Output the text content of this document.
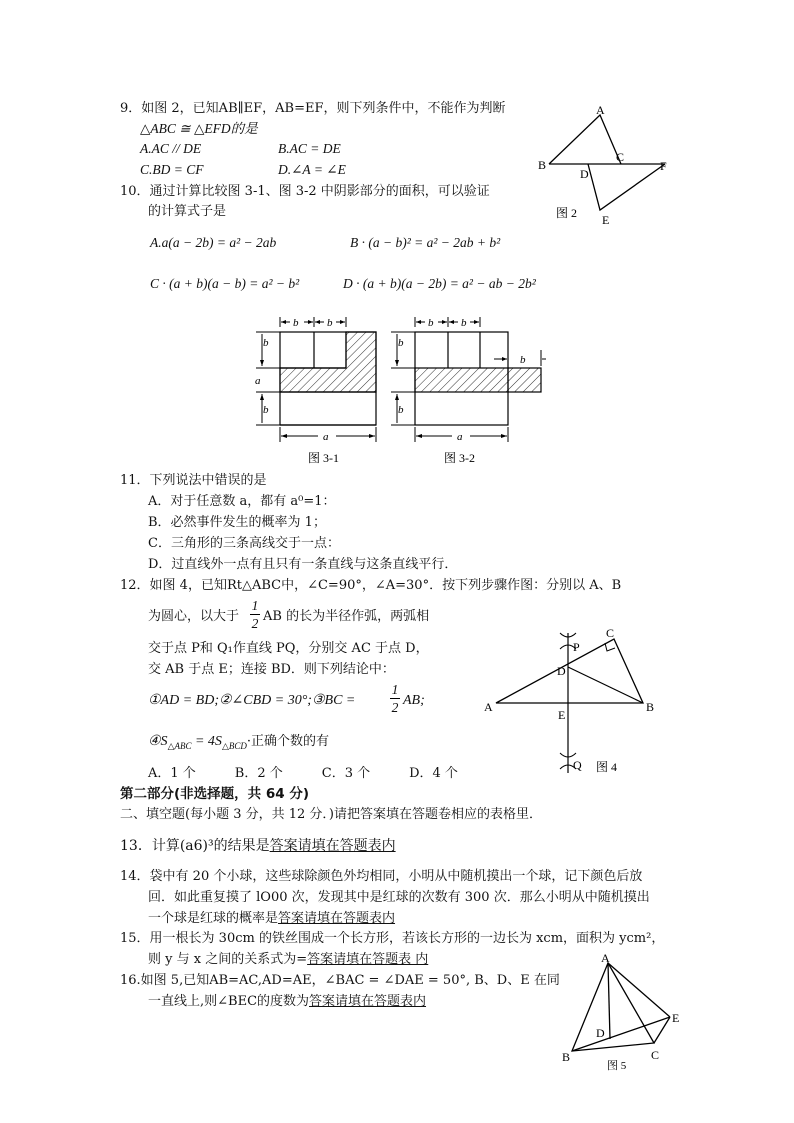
9．如图 2，已知AB∥EF，AB=EF，则下列条件中，不能作为判断
△ABC ≅ △EFD的是
A.AC // DE	B.AC = DE
C.BD = CF	D.∠A = ∠E
A
B
C
D
E
F
图 2
10．通过计算比较图 3-1、图 3-2 中阴影部分的面积，可以验证
的计算式子是
A.a(a − 2b) = a² − 2ab	B · (a − b)² = a² − 2ab + b²
C · (a + b)(a − b) = a² − b²	D · (a + b)(a − 2b) = a² − ab − 2b²
b	b
b
a
b
a
图 3-1
b	b
b
b
b
a
图 3-2
11．下列说法中错误的是
A．对于任意数 a，都有 a⁰=1：
B．必然事件发生的概率为 1；
C．三角形的三条高线交于一点：
D．过直线外一点有且只有一条直线与这条直线平行．
12．如图 4，已知Rt△ABC中，∠C=90°，∠A=30°．按下列步骤作图：分别以 A、B
为圆心，以大于
1
2 AB 的长为半径作弧，两弧相
交于点 P和 Q₁作直线 PQ，分别交 AC 于点 D，
交 AB 于点 E；连接 BD．则下列结论中：
①AD = BD;②∠CBD = 30°;③BC =
1
2 AB;
$④S_{\triangle ABC} = 4S_{\triangle BCD}\cdot$正确个数的有
A．1 个　　　B．2 个　　　C．3 个　　　D．4 个
C
P
D
A
E
B
Q 图 4
第二部分(非选择题，共 64 分)
二、填空题(每小题 3 分，共 12 分．)请把答案填在答题卷相应的表格里．
13．计算(a6)³的结果是答案请填在答题表内
14．袋中有 20 个小球，这些球除颜色外均相同，小明从中随机摸出一个球，记下颜色后放
回．如此重复摸了 lO00 次，发现其中是红球的次数有 300 次．那么小明从中随机摸出
一个球是红球的概率是答案请填在答题表内
15．用一根长为 30cm 的铁丝围成一个长方形，若该长方形的一边长为 xcm，面积为 ycm²，
则 y 与 x 之间的关系式为=答案请填在答题表 内
16.如图 5,已知AB=AC,AD=AE，∠BAC = ∠DAE = 50°, B、D、E 在同
一直线上,则∠BEC的度数为答案请填在答题表内
A
B	C
D
E
图 5
